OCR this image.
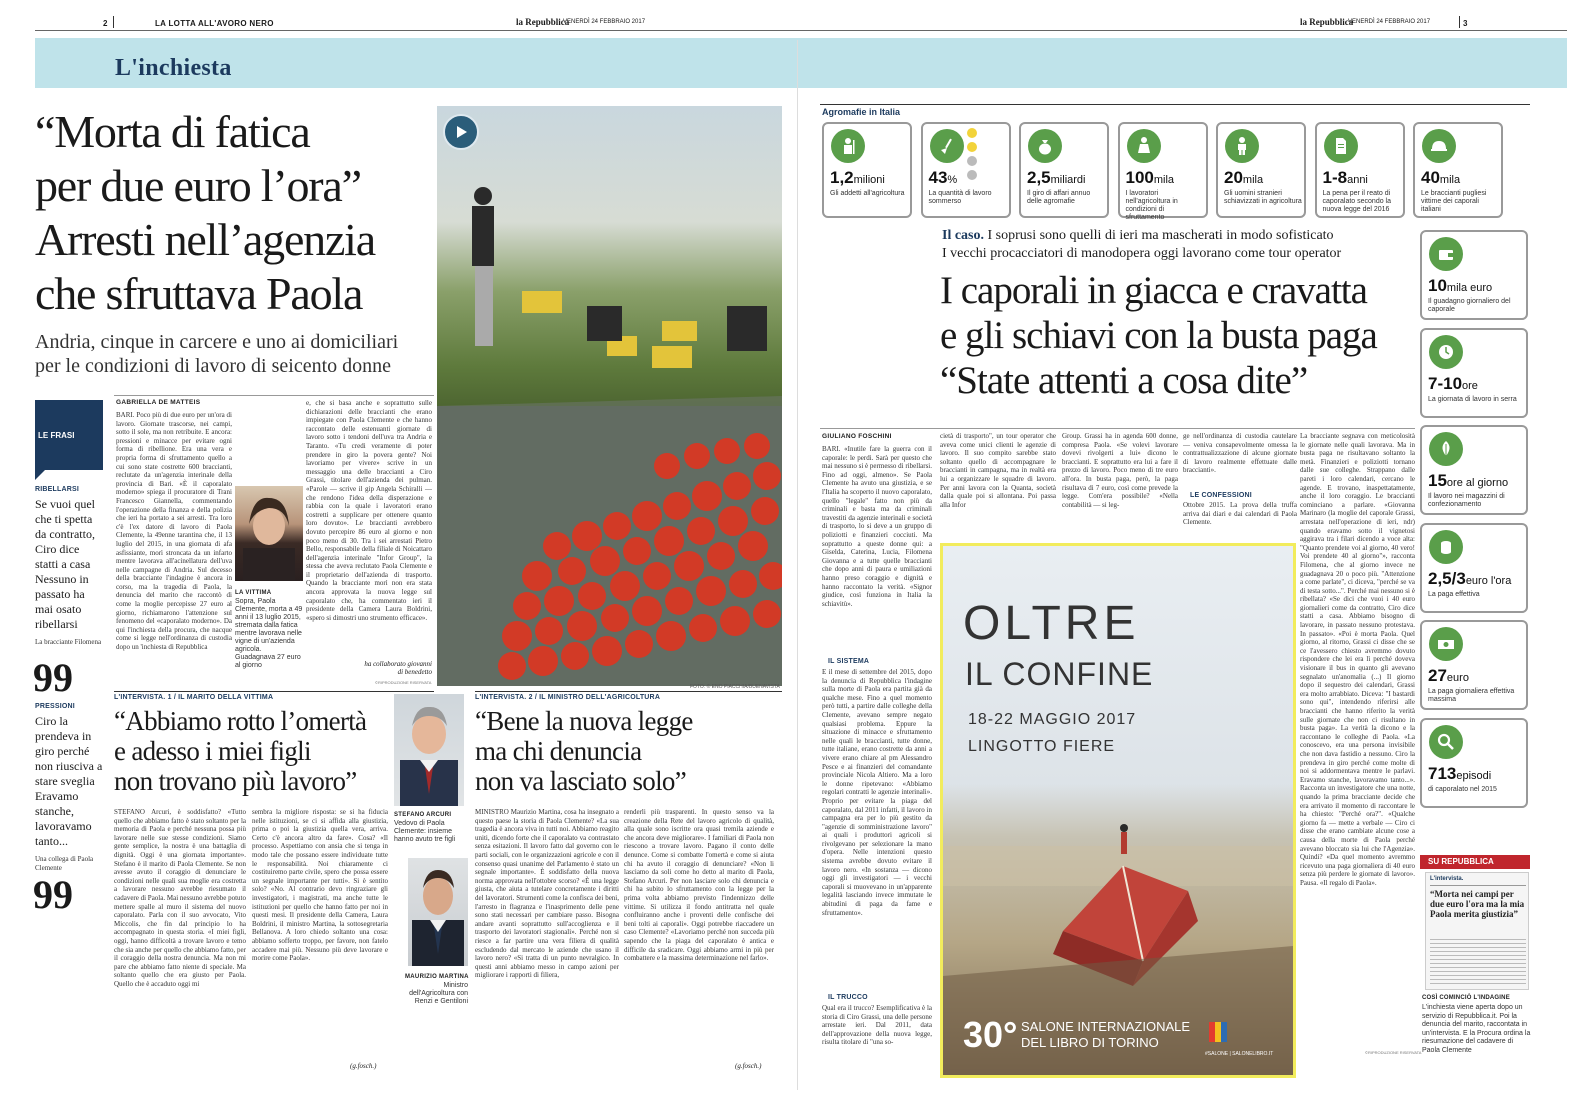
2	LA LOTTA ALL'AVORO NERO	la Repubblica
VENERDÌ 24 FEBBRAIO 2017	la Repubblica
VENERDÌ 24 FEBBRAIO 2017	3
L'inchiesta
“Morta di fatica
per due euro l’ora”
Arresti nell’agenzia
che sfruttava Paola
Andria, cinque in carcere e uno ai domiciliari
per le condizioni di lavoro di seicento donne
FOTO: © ENO PIACCHIA/BUENAVISTA
LE FRASI
RIBELLARSI
Se vuoi quel che ti spetta da contratto, Ciro dice statti a casa Nessuno in passato ha mai osato ribellarsi
La bracciante Filomena
99
PRESSIONI
Ciro la prendeva in giro perché non riusciva a stare sveglia Eravamo stanche, lavoravamo tanto...
Una collega di Paola Clemente
99
GABRIELLA DE MATTEIS
BARI. Poco più di due euro per un'ora di lavoro. Giornate trascorse, nei campi, sotto il sole, ma non retribuite. E ancora: pressioni e minacce per evitare ogni forma di ribellione. Era una vera e propria forma di sfruttamento quello a cui sono state costrette 600 braccianti, reclutate da un'agenzia interinale della provincia di Bari. «È il caporalato moderno» spiega il procuratore di Trani Francesco Giannella, commentando l'operazione della finanza e della polizia che ieri ha portato a sei arresti. Tra loro c'è l'ex datore di lavoro di Paola Clemente, la 49enne tarantina che, il 13 luglio del 2015, in una giornata di afa asfissiante, morì stroncata da un infarto mentre lavorava all'acinellatura dell'uva nelle campagne di Andria. Sul decesso della bracciante l'indagine è ancora in corso, ma la tragedia di Paola, la denuncia del marito che raccontò di come la moglie percepisse 27 euro al giorno, richiamarono l'attenzione sul fenomeno del «caporalato moderno». Da qui l'inchiesta della procura, che nacque come si legge nell'ordinanza di custodia dopo un 'inchiesta di Repubblica
LA VITTIMA
Sopra, Paola Clemente, morta a 49 anni il 13 luglio 2015, stremata dalla fatica mentre lavorava nelle vigne di un'azienda agricola. Guadagnava 27 euro al giorno
e, che si basa anche e soprattutto sulle dichiarazioni delle braccianti che erano impiegate con Paola Clemente e che hanno raccontato delle estenuanti giornate di lavoro sotto i tendoni dell'uva tra Andria e Taranto. «Tu credi veramente di poter prendere in giro la povera gente? Noi lavoriamo per vivere» scrive in un messaggio una delle braccianti a Ciro Grassi, titolare dell'azienda dei pulman. «Parole — scrive il gip Angela Schiralli — che rendono l'idea della disperazione e rabbia con la quale i lavoratori erano costretti a supplicare per ottenere quanto loro dovuto». Le braccianti avrebbero dovuto percepire 86 euro al giorno e non poco meno di 30. Tra i sei arrestati Pietro Bello, responsabile della filiale di Noicattaro dell'agenzia interinale "Infor Group", la stessa che aveva reclutato Paola Clemente e il proprietario dell'azienda di trasporto. Quando la bracciante morì non era stata ancora approvata la nuova legge sul caporalato che, ha commentato ieri il presidente della Camera Laura Boldrini, «spero si dimostri uno strumento efficace».
ha collaborato giovanni di benedetto
©RIPRODUZIONE RISERVATA
L'INTERVISTA. 1 / IL MARITO DELLA VITTIMA
“Abbiamo rotto l’omertà
e adesso i miei figli
non trovano più lavoro”
STEFANO Arcuri, è soddisfatto? «Tutto quello che abbiamo fatto è stato soltanto per la memoria di Paola e perché nessuna possa più lavorare nelle sue stesse condizioni. Siamo gente semplice, la nostra è una battaglia di dignità. Oggi è una giornata importante». Stefano è il marito di Paola Clemente. Se non avesse avuto il coraggio di denunciare le condizioni nelle quali sua moglie era costretta a lavorare nessuno avrebbe riesumato il cadavere di Paola. Mai nessuno avrebbe potuto mettere spalle al muro il sistema del nuovo caporalato. Parla con il suo avvocato, Vito Miccolis, che fin dal principio lo ha accompagnato in questa storia. «I miei figli, oggi, hanno difficoltà a trovare lavoro e temo che sia anche per quello che abbiamo fatto, per il coraggio della nostra denuncia. Ma non mi pare che abbiamo fatto niente di speciale. Ma soltanto quello che era giusto per Paola. Quello che è accaduto oggi mi
sembra la migliore risposta: se si ha fiducia nelle istituzioni, se ci si affida alla giustizia, prima o poi la giustizia quella vera, arriva. Certo c'è ancora altro da fare». Cosa? «Il processo. Aspettiamo con ansia che si tenga in modo tale che possano essere individuate tutte le responsabilità. Noi chiaramente ci costituiremo parte civile, spero che possa essere un segnale importante per tutti». Si è sentito solo? «No. Al contrario devo ringraziare gli investigatori, i magistrati, ma anche tutte le istituzioni per quello che hanno fatto per noi in questi mesi. Il presidente della Camera, Laura Boldrini, il ministro Martina, la sottosegretaria Bellanova. A loro chiedo soltanto una cosa: abbiamo sofferto troppo, per favore, non fatelo accadere mai più. Nessuno più deve lavorare e morire come Paola».
(g.fosch.)
STEFANO ARCURI
Vedovo di Paola Clemente: insieme hanno avuto tre figli
MAURIZIO MARTINA
Ministro dell'Agricoltura con Renzi e Gentiloni
L'INTERVISTA. 2 / IL MINISTRO DELL'AGRICOLTURA
“Bene la nuova legge
ma chi denuncia
non va lasciato solo”
MINISTRO Maurizio Martina, cosa ha insegnato a questo paese la storia di Paola Clemente? «La sua tragedia è ancora viva in tutti noi. Abbiamo reagito uniti, dicendo forte che il caporalato va contrastato senza esitazioni. Il lavoro fatto dal governo con le parti sociali, con le organizzazioni agricole e con il consenso quasi unanime del Parlamento è stato un segnale importante». È soddisfatto della nuova norma approvata nell'ottobre scorso? «È una legge giusta, che aiuta a tutelare concretamente i diritti del lavoratori. Strumenti come la confisca dei beni, l'arresto in flagranza e l'inasprimento delle pene sono stati necessari per cambiare passo. Bisogna andare avanti soprattutto sull'accoglienza e il trasporto dei lavoratori stagionali». Perché non si riesce a far partire una vera filiera di qualità escludendo dal mercato le aziende che usano il lavoro nero? «Si tratta di un punto nevralgico. In questi anni abbiamo messo in campo azioni per migliorare i rapporti di filiera,
renderli più trasparenti. In questo senso va la creazione della Rete del lavoro agricolo di qualità, alla quale sono iscritte ora quasi tremila aziende e che ancora deve migliorare». I familiari di Paola non riescono a trovare lavoro. Pagano il conto delle denunce. Come si combatte l'omertà e come si aiuta chi ha avuto il coraggio di denunciare? «Non li lasciamo da soli come ho detto al marito di Paola, Stefano Arcuri. Per non lasciare solo chi denuncia e chi ha subito lo sfruttamento con la legge per la prima volta abbiamo previsto l'indennizzo delle vittime. Si utilizza il fondo antitratta nel quale confluiranno anche i proventi delle confische dei beni tolti ai caporali». Oggi potrebbe riaccadere un caso Clemente? «Lavoriamo perché non succeda più sapendo che la piaga del caporalato è antica e difficile da sradicare. Oggi abbiamo armi in più per combattere e la massima determinazione nel farlo».
(g.fosch.)
Agromafie in Italia
1,2milioni
Gli addetti all'agricoltura
43%
La quantità di lavoro sommerso
2,5miliardi
Il giro di affari annuo delle agromafie
100mila
I lavoratori nell'agricoltura in condizioni di sfruttamento
20mila
Gli uomini stranieri schiavizzati in agricoltura
1-8anni
La pena per il reato di caporalato secondo la nuova legge del 2016
40mila
Le braccianti pugliesi vittime dei caporali italiani
10mila euro
Il guadagno giornaliero del caporale
7-10ore
La giornata di lavoro in serra
15ore al giorno
Il lavoro nei magazzini di confezionamento
2,5/3euro l'ora
La paga effettiva
27euro
La paga giornaliera effettiva massima
713episodi
di caporalato nel 2015
Il caso. I soprusi sono quelli di ieri ma mascherati in modo sofisticato
I vecchi procacciatori di manodopera oggi lavorano come tour operator
I caporali in giacca e cravatta
e gli schiavi con la busta paga
“State attenti a cosa dite”
GIULIANO FOSCHINI
BARI. «Inutile fare la guerra con il caporale: le perdi. Sarà per questo che mai nessuno si è permesso di ribellarsi. Fino ad oggi, almeno». Se Paola Clemente ha avuto una giustizia, e se l'Italia ha scoperto il nuovo caporalato, quello "legale" fatto non più da criminali e basta ma da criminali travestiti da agenzie interinali e società di trasporto, lo si deve a un gruppo di poliziotti e finanzieri cocciuti. Ma soprattutto a queste donne qui: a Giselda, Caterina, Lucia, Filomena Giovanna e a tutte quelle braccianti che dopo anni di paura e umiliazioni hanno preso coraggio e dignità e hanno raccontato la verità. «Signor giudice, così funziona in Italia la schiavitù».
IL SISTEMA
E il mese di settembre del 2015, dopo la denuncia di Repubblica l'indagine sulla morte di Paola era partita già da qualche mese. Fino a quel momento però tutti, a partire dalle colleghe della Clemente, avevano sempre negato qualsiasi problema. Eppure la situazione di minacce e sfruttamento nelle quali le braccianti, tutte donne, tutte italiane, erano costrette da anni a vivere erano chiare al pm Alessandro Pesce e ai finanzieri del comandante provinciale Nicola Altiero. Ma a loro le donne ripetevano: «Abbiamo regolari contratti le agenzie interinali». Proprio per evitare la piaga del caporalato, dal 2011 infatti, il lavoro in campagna era per lo più gestito da "agenzie di somministrazione lavoro" ai quali i produttori agricoli si rivolgevano per selezionare la mano d'opera. Nelle intenzioni questo sistema avrebbe dovuto evitare il lavoro nero. «In sostanza — dicono oggi gli investigatori — i vecchi caporali si muovevano in un'apparente legalità lasciando invece immutate le abitudini di paga da fame e sfruttamento».
IL TRUCCO
Qual era il trucco? Esemplificativa è la storia di Ciro Grassi, una delle persone arrestate ieri. Dal 2011, data dell'approvazione della nuova legge, risulta titolare di "una so-
cietà di trasporto", un tour operator che aveva come unici clienti le agenzie di lavoro. Il suo compito sarebbe stato soltanto quello di accompagnare le braccianti in campagna, ma in realtà era lui a organizzare le squadre di lavoro. Per anni lavora con la Quanta, società dalla quale poi si allontana. Poi passa alla Infor
Group. Grassi ha in agenda 600 donne, compresa Paola. «Se volevi lavorare dovevi rivolgerti a lui» dicono le braccianti. E soprattutto era lui a fare il prezzo di lavoro. Poco meno di tre euro all'ora. In busta paga, però, la paga risultava di 7 euro, così come prevede la legge. Com'era possibile? «Nella contabilità — si leg-
ge nell'ordinanza di custodia cautelare — veniva consapevolmente omessa la contrattualizzazione di alcune giornate di lavoro realmente effettuate dalle braccianti».
LE CONFESSIONI
Ottobre 2015. La prova della truffa arriva dai diari e dai calendari di Paola Clemente.
La bracciante segnava con meticolosità le giornate nelle quali lavorava. Ma in busta paga ne risultavano soltanto la metà. Finanzieri e poliziotti tornano dalle sue colleghe. Strappano dalle pareti i loro calendari, cercano le agende. E trovano, inaspettatamente, anche il loro coraggio. Le braccianti cominciano a parlare. «Giovanna Marinaro (la moglie del caporale Grassi, arrestata nell'operazione di ieri, ndr) quando eravamo sotto il vignetosi aggirava tra i filari dicendo a voce alta: "Quanto prendete voi al giorno, 40 vero! Voi prendete 40 al giorno"», racconta Filomena, che al giorno invece ne guadagnava 20 o poco più. "Attenzione a come parlate", ci diceva, "perché se va di testa sotto...". Perché mai nessuno si è ribellata? «Se dici che vuoi i 40 euro giornalieri come da contratto, Ciro dice statti a casa. Abbiamo bisogno di lavorare, in passato nessuno protestava. In passato». «Poi è morta Paola. Quel giorno, al ritorno, Grassi ci disse che se ce l'avessero chiesto avremmo dovuto rispondere che lei era lì perché doveva visionare il bus in quanto gli avevano segnalato un'anomalia (...) Il giorno dopo il sequestro dei calendari, Grassi era molto arrabbiato. Diceva: "I bastardi sono qui", intendendo riferirsi alle braccianti che hanno riferito la verità sulle giornate che non ci risultano in busta paga». La verità la dicono e la raccontano le colleghe di Paola. «La conoscevo, era una persona invisibile che non dava fastidio a nessuno. Ciro la prendeva in giro perché come molte di noi si addormentava mentre le parlavi. Eravamo stanche, lavoravamo tanto...». Racconta un investigatore che una notte, quando la prima bracciante decide che era arrivato il momento di raccontare le ha chiesto: "Perché ora?". «Qualche giorno fa — mette a verbale — Ciro ci disse che erano cambiate alcune cose a causa della morte di Paola perché avevano bloccato sia lui che l'Agenzia». Quindi? «Da quel momento avremmo ricevuto una paga giornaliera di 40 euro senza più perdere le giornate di lavoro». Pausa. «Il regalo di Paola».
©RIPRODUZIONE RISERVATA
OLTRE
IL CONFINE
18-22 MAGGIO 2017
LINGOTTO FIERE
30° SALONE INTERNAZIONALE
DEL LIBRO DI TORINO
#SALONE | SALONELIBRO.IT
SU REPUBBLICA
L'intervista.
“Morta nei campi per due euro l'ora ma la mia Paola merita giustizia”
COSÌ COMINCIÒ L'INDAGINE
L'inchiesta viene aperta dopo un servizio di Repubblica.it. Poi la denuncia del marito, raccontata in un'intervista. E la Procura ordina la riesumazione del cadavere di Paola Clemente
